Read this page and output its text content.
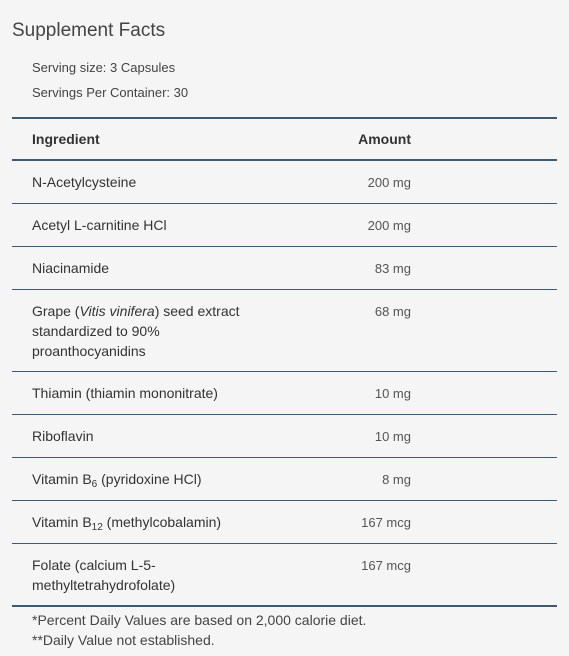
Supplement Facts
Serving size: 3 Capsules
Servings Per Container: 30
Ingredient	Amount

N-Acetylcysteine	200 mg

Acetyl L-carnitine HCl	200 mg

Niacinamide	83 mg

Grape (Vitis vinifera) seed extract standardized to 90% proanthocyanidins	68 mg

Thiamin (thiamin mononitrate)	10 mg

Riboflavin	10 mg

Vitamin $B_6$ (pyridoxine HCl)	8 mg

Vitamin $B_{12}$ (methylcobalamin)	167 mcg

Folate (calcium L-5-methyltetrahydrofolate)	167 mcg
*Percent Daily Values are based on 2,000 calorie diet.
**Daily Value not established.
